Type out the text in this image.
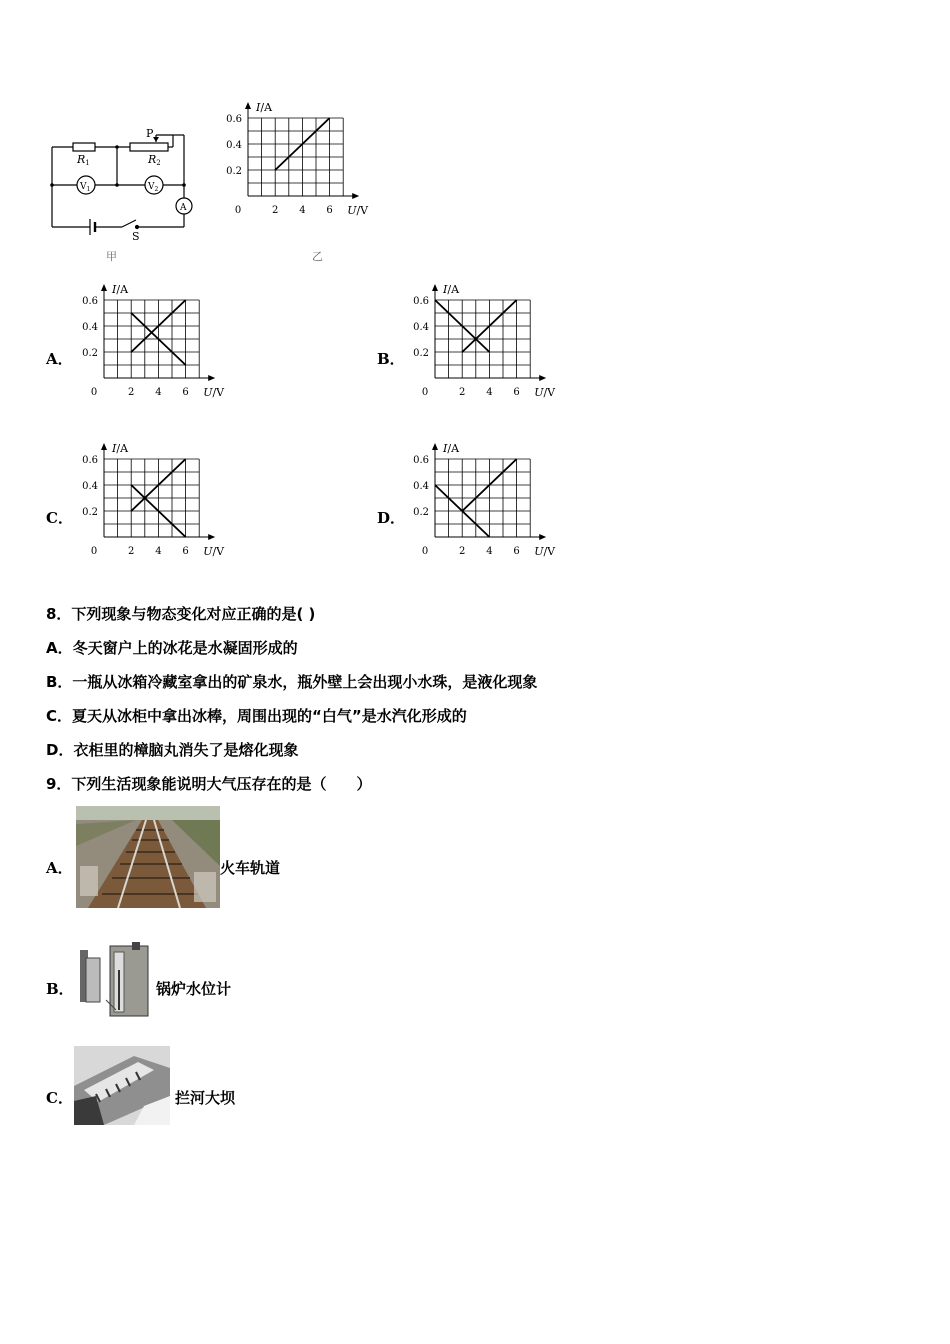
P
R1	R2
$V_1$	$V_2$
A
S
甲
I/A
U/V
0.6
0.4
0.2
2 4 6
0
乙
A．
I/A
U/V
0.6
0.4
0.2
2 4 6
0
B．
I/A
U/V
0.6
0.4
0.2
2 4 6
0
C．
I/A
U/V
0.6
0.4
0.2
2 4 6
0
D．
I/A
U/V
0.6
0.4
0.2
2 4 6
0
8．下列现象与物态变化对应正确的是( )
A．冬天窗户上的冰花是水凝固形成的
B．一瓶从冰箱冷藏室拿出的矿泉水，瓶外壁上会出现小水珠，是液化现象
C．夏天从冰柜中拿出冰棒，周围出现的“白气”是水汽化形成的
D．衣柜里的樟脑丸消失了是熔化现象
9．下列生活现象能说明大气压存在的是（　　）
A．	火车轨道
B．	锅炉水位计
C．	拦河大坝
